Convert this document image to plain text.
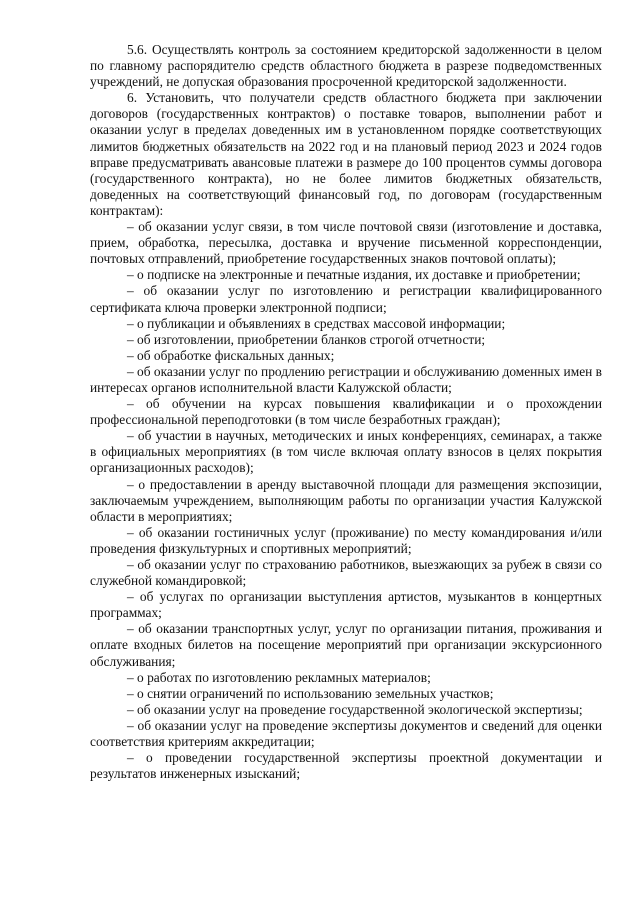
5.6. Осуществлять контроль за состоянием кредиторской задолженности в целом по главному распорядителю средств областного бюджета в разрезе подведомственных учреждений, не допуская образования просроченной кредиторской задолженности.

6. Установить, что получатели средств областного бюджета при заключении договоров (государственных контрактов) о поставке товаров, выполнении работ и оказании услуг в пределах доведенных им в установленном порядке соответствующих лимитов бюджетных обязательств на 2022 год и на плановый период 2023 и 2024 годов вправе предусматривать авансовые платежи в размере до 100 процентов суммы договора (государственного контракта), но не более лимитов бюджетных обязательств, доведенных на соответствующий финансовый год, по договорам (государственным контрактам):

– об оказании услуг связи, в том числе почтовой связи (изготовление и доставка, прием, обработка, пересылка, доставка и вручение письменной корреспонденции, почтовых отправлений, приобретение государственных знаков почтовой оплаты);

– о подписке на электронные и печатные издания, их доставке и приобретении;

– об оказании услуг по изготовлению и регистрации квалифицированного сертификата ключа проверки электронной подписи;

– о публикации и объявлениях в средствах массовой информации;

– об изготовлении, приобретении бланков строгой отчетности;

– об обработке фискальных данных;

– об оказании услуг по продлению регистрации и обслуживанию доменных имен в интересах органов исполнительной власти Калужской области;

– об обучении на курсах повышения квалификации и о прохождении профессиональной переподготовки (в том числе безработных граждан);

– об участии в научных, методических и иных конференциях, семинарах, а также в официальных мероприятиях (в том числе включая оплату взносов в целях покрытия организационных расходов);

– о предоставлении в аренду выставочной площади для размещения экспозиции, заключаемым учреждением, выполняющим работы по организации участия Калужской области в мероприятиях;

– об оказании гостиничных услуг (проживание) по месту командирования и/или проведения физкультурных и спортивных мероприятий;

– об оказании услуг по страхованию работников, выезжающих за рубеж в связи со служебной командировкой;

– об услугах по организации выступления артистов, музыкантов в концертных программах;

– об оказании транспортных услуг, услуг по организации питания, проживания и оплате входных билетов на посещение мероприятий при организации экскурсионного обслуживания;

– о работах по изготовлению рекламных материалов;

– о снятии ограничений по использованию земельных участков;

– об оказании услуг на проведение государственной экологической экспертизы;

– об оказании услуг на проведение экспертизы документов и сведений для оценки соответствия критериям аккредитации;

– о проведении государственной экспертизы проектной документации и результатов инженерных изысканий;
